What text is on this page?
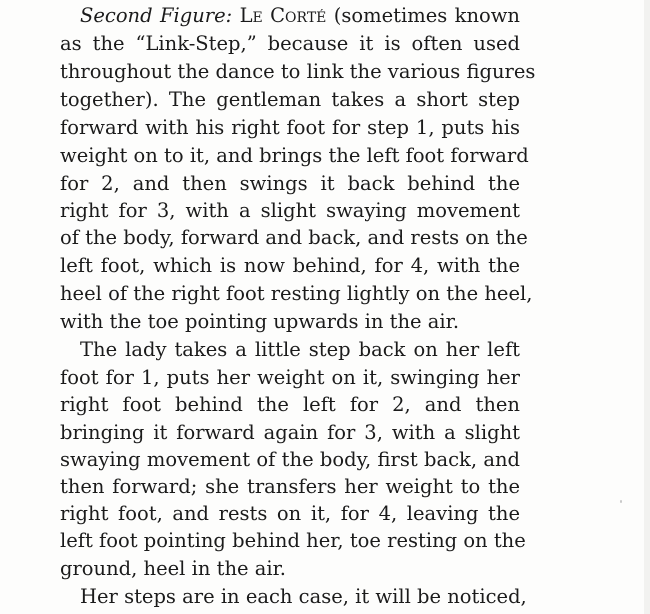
Second Figure: Le Corté (sometimes known
as the “Link-Step,” because it is often used
throughout the dance to link the various figures
together). The gentleman takes a short step
forward with his right foot for step 1, puts his
weight on to it, and brings the left foot forward
for 2, and then swings it back behind the
right for 3, with a slight swaying movement
of the body, forward and back, and rests on the
left foot, which is now behind, for 4, with the
heel of the right foot resting lightly on the heel,
with the toe pointing upwards in the air.
The lady takes a little step back on her left
foot for 1, puts her weight on it, swinging her
right foot behind the left for 2, and then
bringing it forward again for 3, with a slight
swaying movement of the body, first back, and
then forward; she transfers her weight to the
right foot, and rests on it, for 4, leaving the
left foot pointing behind her, toe resting on the
ground, heel in the air.
Her steps are in each case, it will be noticed,
